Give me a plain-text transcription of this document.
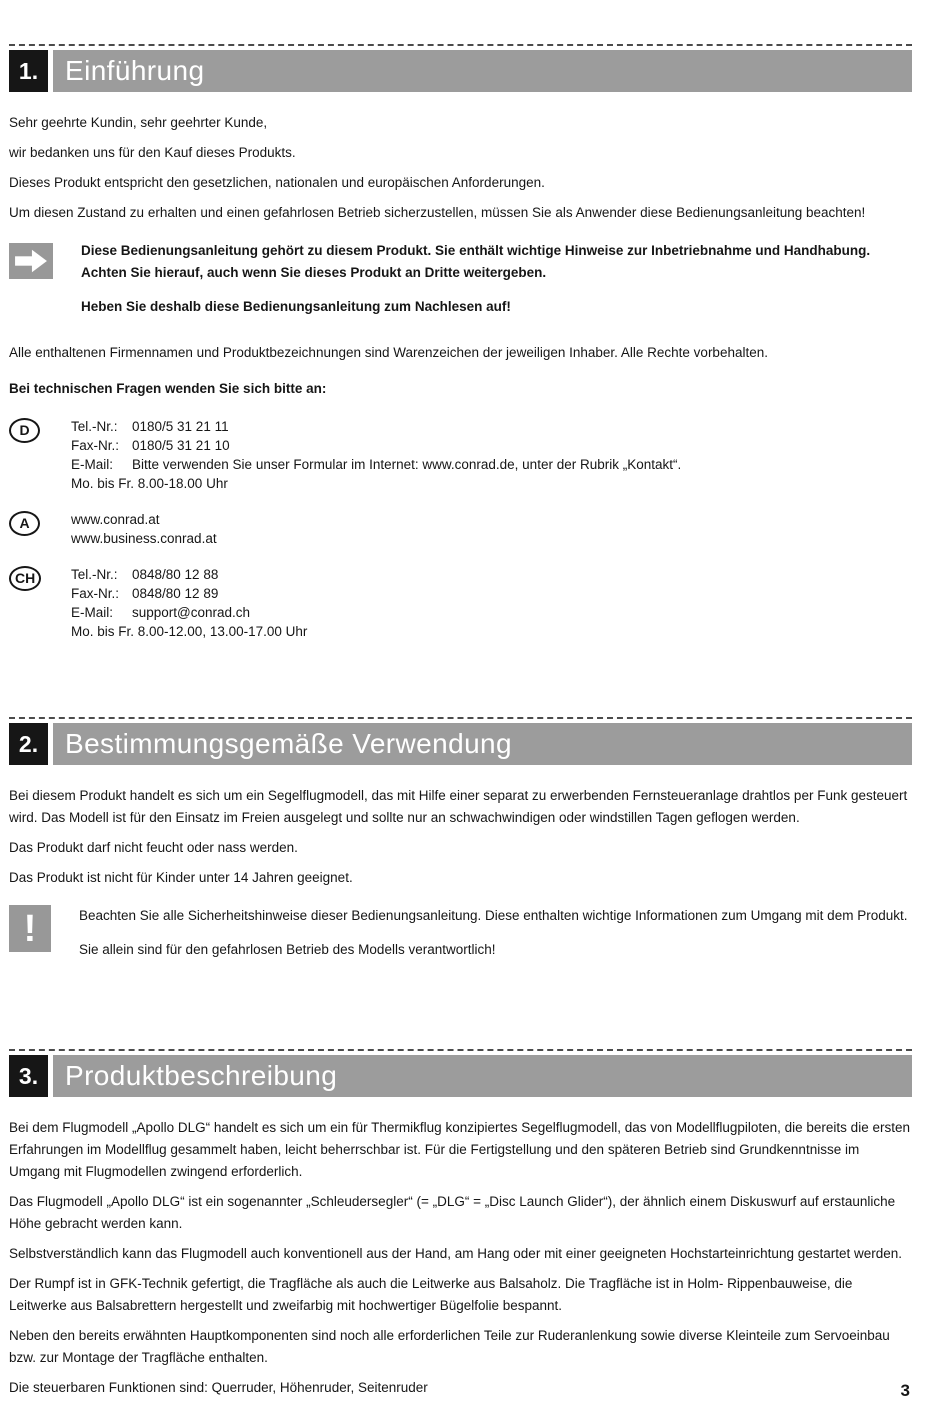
1. Einführung

Sehr geehrte Kundin, sehr geehrter Kunde,

wir bedanken uns für den Kauf dieses Produkts.

Dieses Produkt entspricht den gesetzlichen, nationalen und europäischen Anforderungen.

Um diesen Zustand zu erhalten und einen gefahrlosen Betrieb sicherzustellen, müssen Sie als Anwender diese Bedienungsanleitung beachten!

Diese Bedienungsanleitung gehört zu diesem Produkt. Sie enthält wichtige Hinweise zur Inbetriebnahme und Handhabung. Achten Sie hierauf, auch wenn Sie dieses Produkt an Dritte weitergeben.

Heben Sie deshalb diese Bedienungsanleitung zum Nachlesen auf!

Alle enthaltenen Firmennamen und Produktbezeichnungen sind Warenzeichen der jeweiligen Inhaber. Alle Rechte vorbehalten.

Bei technischen Fragen wenden Sie sich bitte an:

D	Tel.-Nr.:	0180/5 31 21 11
Fax-Nr.: 0180/5 31 21 10
E-Mail:	Bitte verwenden Sie unser Formular im Internet: www.conrad.de, unter der Rubrik „Kontakt“.
Mo. bis Fr. 8.00-18.00 Uhr
A	www.conrad.at
www.business.conrad.at
CH	Tel.-Nr.:	0848/80 12 88
Fax-Nr.: 0848/80 12 89
E-Mail:	support@conrad.ch
Mo. bis Fr. 8.00-12.00, 13.00-17.00 Uhr
2. Bestimmungsgemäße Verwendung

Bei diesem Produkt handelt es sich um ein Segelflugmodell, das mit Hilfe einer separat zu erwerbenden Fernsteueranlage drahtlos per Funk gesteuert wird. Das Modell ist für den Einsatz im Freien ausgelegt und sollte nur an schwachwindigen oder windstillen Tagen geflogen werden.

Das Produkt darf nicht feucht oder nass werden.

Das Produkt ist nicht für Kinder unter 14 Jahren geeignet.

!	Beachten Sie alle Sicherheitshinweise dieser Bedienungsanleitung. Diese enthalten wichtige Informationen zum Umgang mit dem Produkt.

Sie allein sind für den gefahrlosen Betrieb des Modells verantwortlich!

3. Produktbeschreibung

Bei dem Flugmodell „Apollo DLG“ handelt es sich um ein für Thermikflug konzipiertes Segelflugmodell, das von Modellflugpiloten, die bereits die ersten Erfahrungen im Modellflug gesammelt haben, leicht beherrschbar ist. Für die Fertigstellung und den späteren Betrieb sind Grundkenntnisse im Umgang mit Flugmodellen zwingend erforderlich.

Das Flugmodell „Apollo DLG“ ist ein sogenannter „Schleudersegler“ (= „DLG“ = „Disc Launch Glider“), der ähnlich einem Diskuswurf auf erstaunliche Höhe gebracht werden kann.

Selbstverständlich kann das Flugmodell auch konventionell aus der Hand, am Hang oder mit einer geeigneten Hochstarteinrichtung gestartet werden.

Der Rumpf ist in GFK-Technik gefertigt, die Tragfläche als auch die Leitwerke aus Balsaholz. Die Tragfläche ist in Holm- Rippenbauweise, die Leitwerke aus Balsabrettern hergestellt und zweifarbig mit hochwertiger Bügelfolie bespannt.

Neben den bereits erwähnten Hauptkomponenten sind noch alle erforderlichen Teile zur Ruderanlenkung sowie diverse Kleinteile zum Servoeinbau bzw. zur Montage der Tragfläche enthalten.

Die steuerbaren Funktionen sind: Querruder, Höhenruder, Seitenruder	3
